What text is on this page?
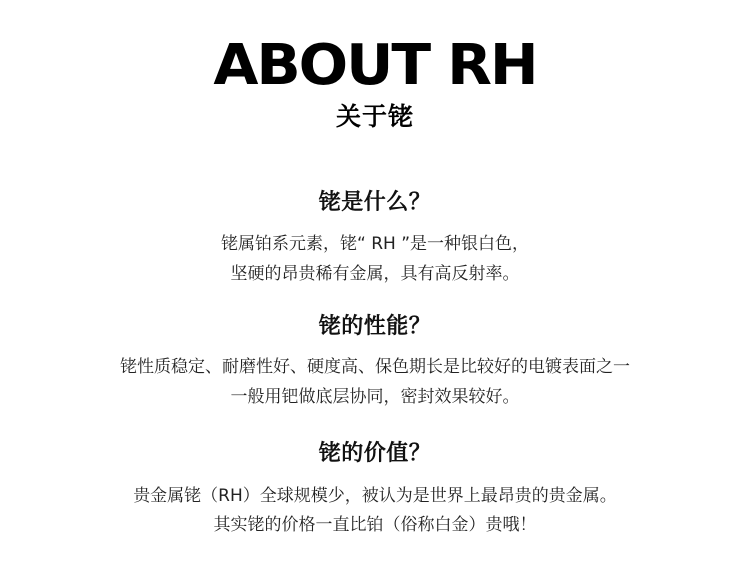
ABOUT RH
关于铑
铑是什么？
铑属铂系元素，铑“ RH ”是一种银白色，
坚硬的昂贵稀有金属，具有高反射率。
铑的性能？
铑性质稳定、耐磨性好、硬度高、保色期长是比较好的电镀表面之一
一般用钯做底层协同，密封效果较好。
铑的价值？
贵金属铑（RH）全球规模少，被认为是世界上最昂贵的贵金属。
其实铑的价格一直比铂（俗称白金）贵哦！
